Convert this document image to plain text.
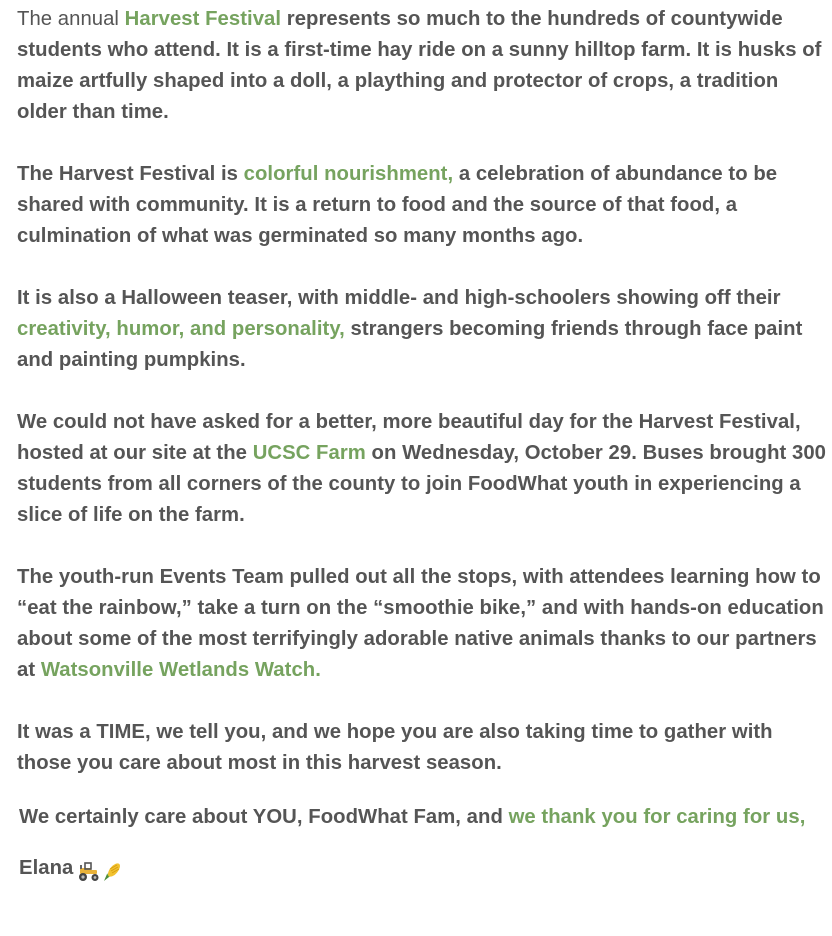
The annual Harvest Festival represents so much to the hundreds of countywide students who attend. It is a first-time hay ride on a sunny hilltop farm. It is husks of maize artfully shaped into a doll, a plaything and protector of crops, a tradition older than time.

The Harvest Festival is colorful nourishment, a celebration of abundance to be shared with community. It is a return to food and the source of that food, a culmination of what was germinated so many months ago.

It is also a Halloween teaser, with middle- and high-schoolers showing off their creativity, humor, and personality, strangers becoming friends through face paint and painting pumpkins.

We could not have asked for a better, more beautiful day for the Harvest Festival, hosted at our site at the UCSC Farm on Wednesday, October 29. Buses brought 300 students from all corners of the county to join FoodWhat youth in experiencing a slice of life on the farm.

The youth-run Events Team pulled out all the stops, with attendees learning how to “eat the rainbow,” take a turn on the “smoothie bike,” and with hands-on education about some of the most terrifyingly adorable native animals thanks to our partners at Watsonville Wetlands Watch.

It was a TIME, we tell you, and we hope you are also taking time to gather with those you care about most in this harvest season.

We certainly care about YOU, FoodWhat Fam, and we thank you for caring for us,

Elana
